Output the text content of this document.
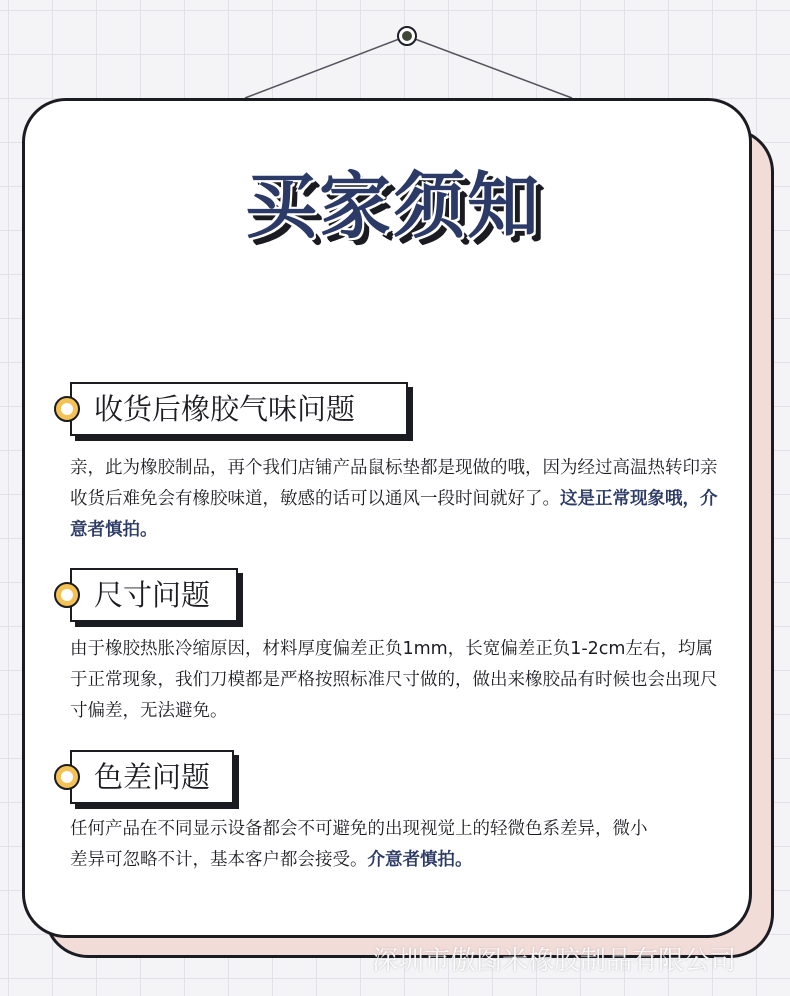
买家须知
收货后橡胶气味问题
亲，此为橡胶制品，再个我们店铺产品鼠标垫都是现做的哦，因为经过高温热转印亲收货后难免会有橡胶味道，敏感的话可以通风一段时间就好了。这是正常现象哦，介意者慎拍。
尺寸问题
由于橡胶热胀冷缩原因，材料厚度偏差正负1mm，长宽偏差正负1-2cm左右，均属于正常现象，我们刀模都是严格按照标准尺寸做的，做出来橡胶品有时候也会出现尺寸偏差，无法避免。
色差问题
任何产品在不同显示设备都会不可避免的出现视觉上的轻微色系差异，微小差异可忽略不计，基本客户都会接受。介意者慎拍。
深圳市傲图米橡胶制品有限公司
